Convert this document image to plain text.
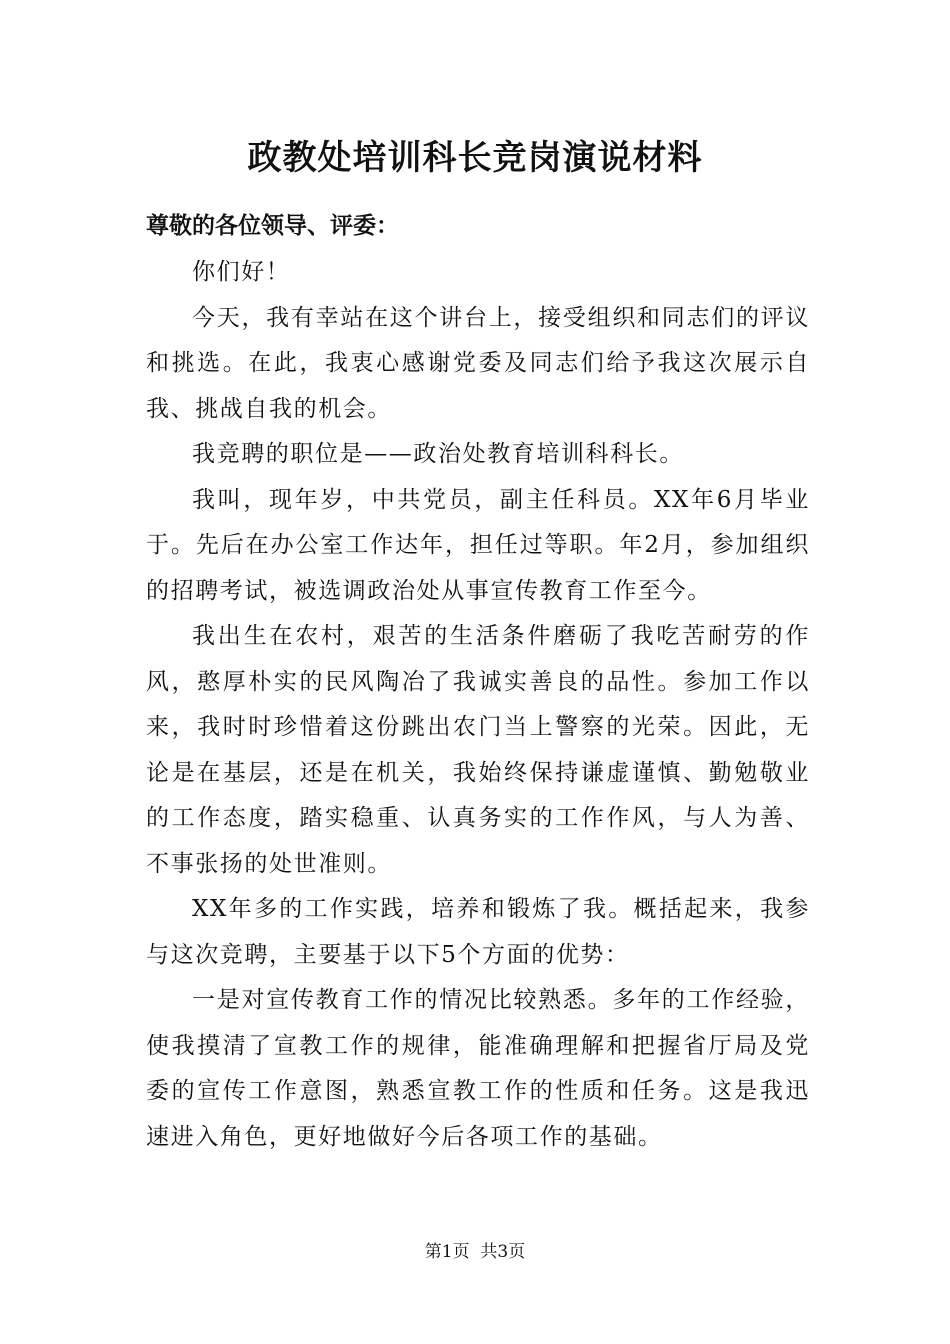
政教处培训科长竞岗演说材料

尊敬的各位领导、评委：

你们好！

今天，我有幸站在这个讲台上，接受组织和同志们的评议和挑选。在此，我衷心感谢党委及同志们给予我这次展示自我、挑战自我的机会。

我竞聘的职位是——政治处教育培训科科长。

我叫，现年岁，中共党员，副主任科员。XX年6月毕业于。先后在办公室工作达年，担任过等职。年2月，参加组织的招聘考试，被选调政治处从事宣传教育工作至今。

我出生在农村，艰苦的生活条件磨砺了我吃苦耐劳的作风，憨厚朴实的民风陶冶了我诚实善良的品性。参加工作以来，我时时珍惜着这份跳出农门当上警察的光荣。因此，无论是在基层，还是在机关，我始终保持谦虚谨慎、勤勉敬业的工作态度，踏实稳重、认真务实的工作作风，与人为善、不事张扬的处世准则。

XX年多的工作实践，培养和锻炼了我。概括起来，我参与这次竞聘，主要基于以下5个方面的优势：

一是对宣传教育工作的情况比较熟悉。多年的工作经验，使我摸清了宣教工作的规律，能准确理解和把握省厅局及党委的宣传工作意图，熟悉宣教工作的性质和任务。这是我迅速进入角色，更好地做好今后各项工作的基础。

第1页  共3页
